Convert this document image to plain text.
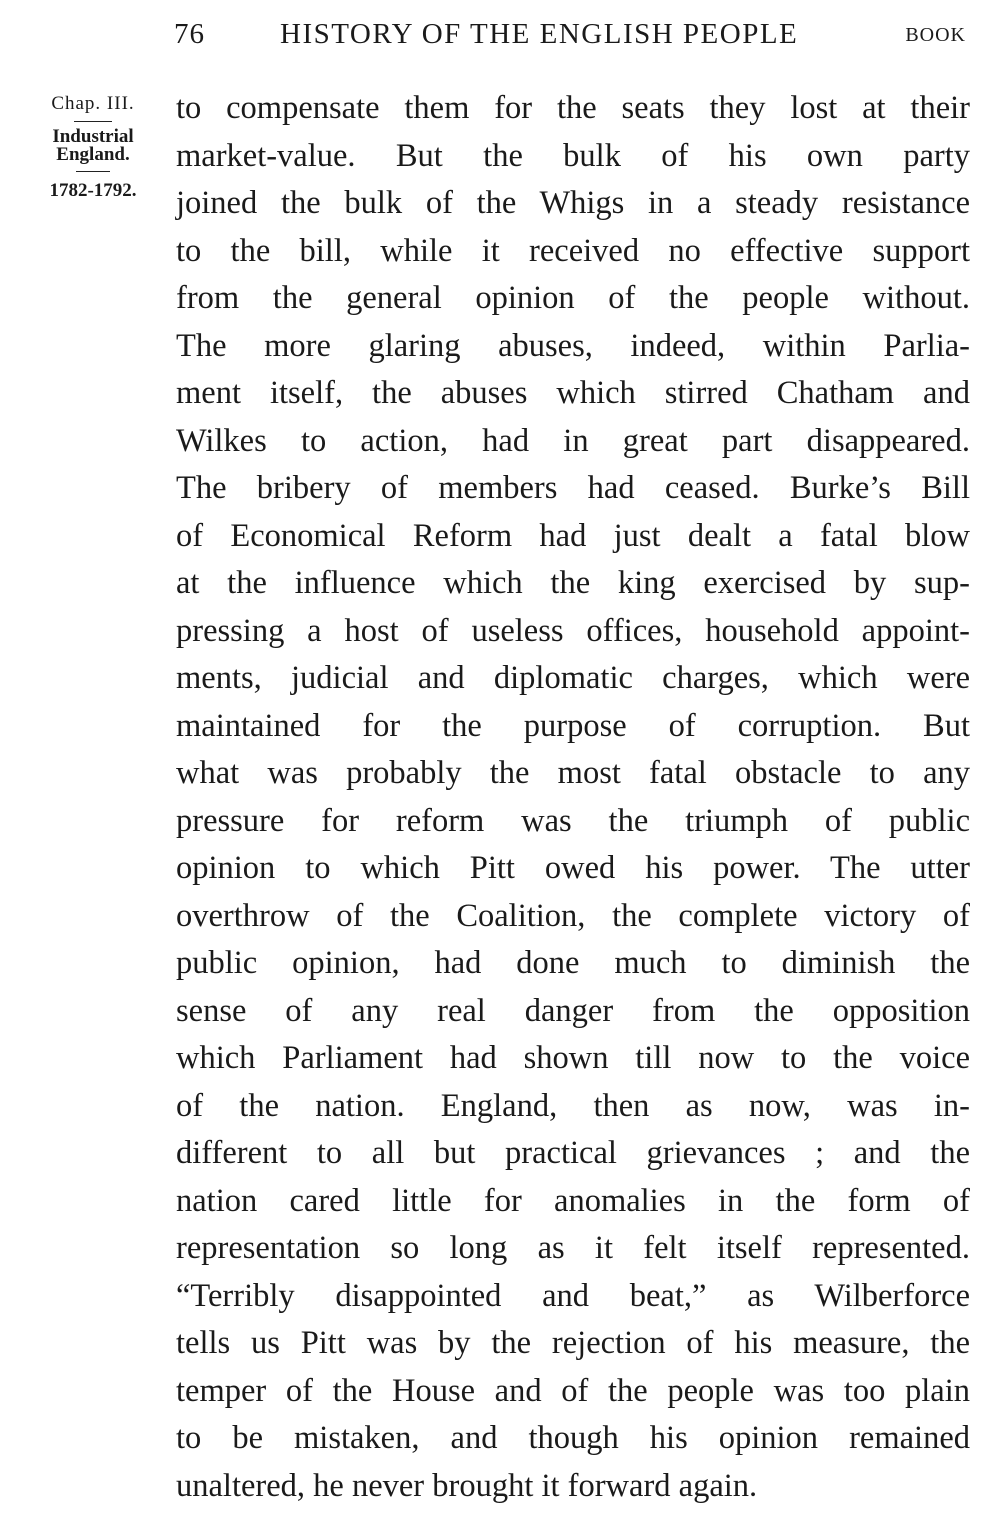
76	HISTORY OF THE ENGLISH PEOPLE	BOOK
Chap. III.
Industrial
England.
1782-1792.
to compensate them for the seats they lost at their
market-value. But the bulk of his own party
joined the bulk of the Whigs in a steady resistance
to the bill, while it received no effective support
from the general opinion of the people without.
The more glaring abuses, indeed, within Parlia-
ment itself, the abuses which stirred Chatham and
Wilkes to action, had in great part disappeared.
The bribery of members had ceased. Burke’s Bill
of Economical Reform had just dealt a fatal blow
at the influence which the king exercised by sup-
pressing a host of useless offices, household appoint-
ments, judicial and diplomatic charges, which were
maintained for the purpose of corruption. But
what was probably the most fatal obstacle to any
pressure for reform was the triumph of public
opinion to which Pitt owed his power. The utter
overthrow of the Coalition, the complete victory of
public opinion, had done much to diminish the
sense of any real danger from the opposition
which Parliament had shown till now to the voice
of the nation. England, then as now, was in-
different to all but practical grievances ; and the
nation cared little for anomalies in the form of
representation so long as it felt itself represented.
“Terribly disappointed and beat,” as Wilberforce
tells us Pitt was by the rejection of his measure, the
temper of the House and of the people was too plain
to be mistaken, and though his opinion remained
unaltered, he never brought it forward again.
